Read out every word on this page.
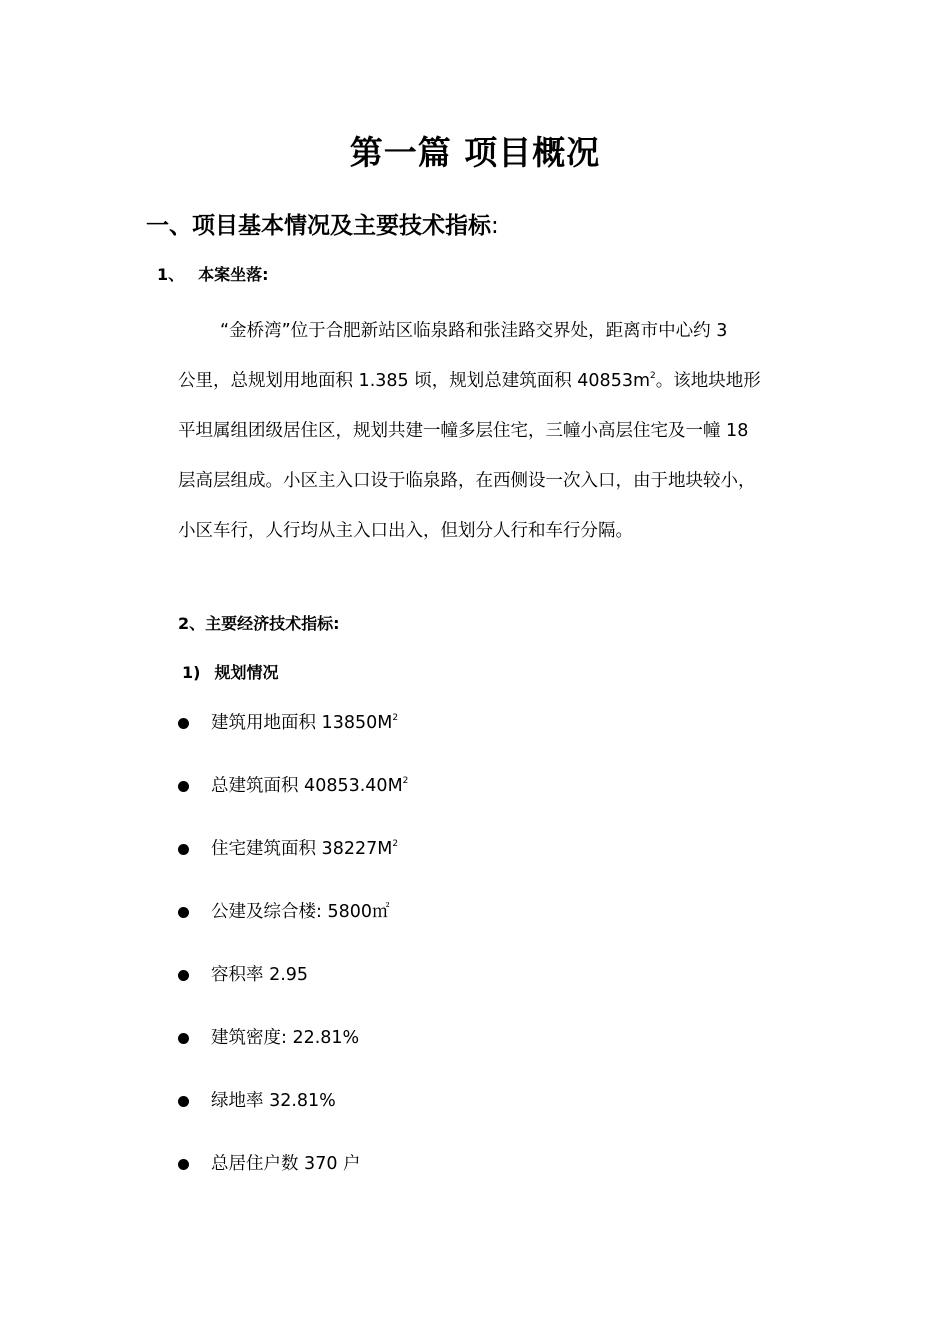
第一篇 项目概况
一、项目基本情况及主要技术指标:
1、 本案坐落:
“金桥湾”位于合肥新站区临泉路和张洼路交界处，距离市中心约 3
公里，总规划用地面积 1.385 顷，规划总建筑面积 $40853m^2$。该地块地形
平坦属组团级居住区，规划共建一幢多层住宅，三幢小高层住宅及一幢 18
层高层组成。小区主入口设于临泉路，在西侧设一次入口，由于地块较小，
小区车行，人行均从主入口出入，但划分人行和车行分隔。
2、主要经济技术指标:
1) 规划情况
建筑用地面积 $13850M^2$
总建筑面积 $40853.40M^2$
住宅建筑面积 $38227M^2$
公建及综合楼: 5800㎡
容积率 2.95
建筑密度: 22.81%
绿地率 32.81%
总居住户数 370 户
